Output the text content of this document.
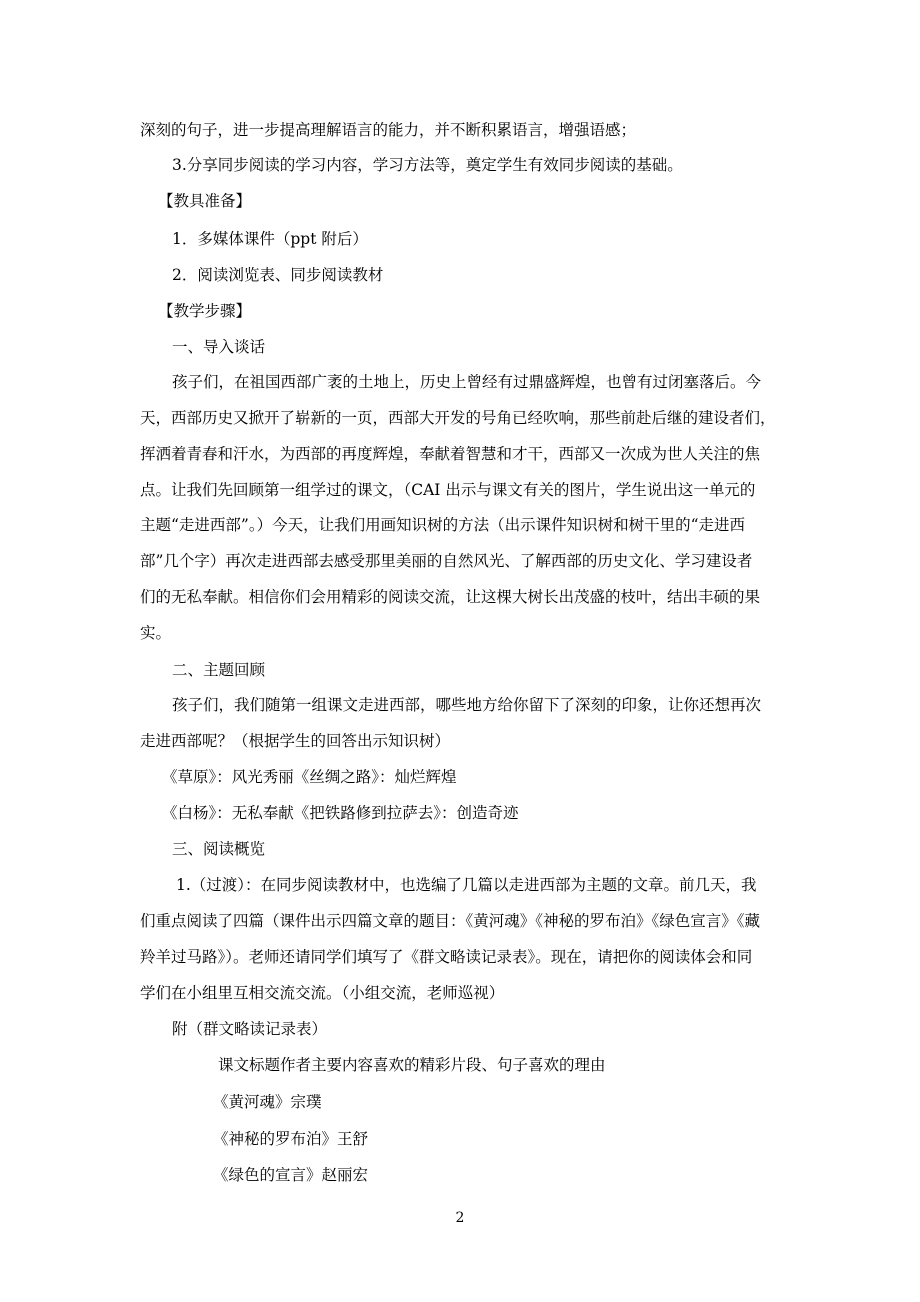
深刻的句子，进一步提高理解语言的能力，并不断积累语言，增强语感；
3.分享同步阅读的学习内容，学习方法等，奠定学生有效同步阅读的基础。
【教具准备】
1．多媒体课件（ppt 附后）
2．阅读浏览表、同步阅读教材
【教学步骤】
一、导入谈话
孩子们，在祖国西部广袤的土地上，历史上曾经有过鼎盛辉煌，也曾有过闭塞落后。今
天，西部历史又掀开了崭新的一页，西部大开发的号角已经吹响，那些前赴后继的建设者们，
挥洒着青春和汗水，为西部的再度辉煌，奉献着智慧和才干，西部又一次成为世人关注的焦
点。让我们先回顾第一组学过的课文，（CAI 出示与课文有关的图片，学生说出这一单元的
主题“走进西部”。）今天，让我们用画知识树的方法（出示课件知识树和树干里的“走进西
部”几个字）再次走进西部去感受那里美丽的自然风光、了解西部的历史文化、学习建设者
们的无私奉献。相信你们会用精彩的阅读交流，让这棵大树长出茂盛的枝叶，结出丰硕的果
实。
二、主题回顾
孩子们，我们随第一组课文走进西部，哪些地方给你留下了深刻的印象，让你还想再次
走进西部呢？（根据学生的回答出示知识树）
《草原》：风光秀丽《丝绸之路》：灿烂辉煌
《白杨》：无私奉献《把铁路修到拉萨去》：创造奇迹
三、阅读概览
1.（过渡）：在同步阅读教材中，也选编了几篇以走进西部为主题的文章。前几天，我
们重点阅读了四篇（课件出示四篇文章的题目：《黄河魂》《神秘的罗布泊》《绿色宣言》《藏
羚羊过马路》）。老师还请同学们填写了《群文略读记录表》。现在，请把你的阅读体会和同
学们在小组里互相交流交流。（小组交流，老师巡视）
附（群文略读记录表）
课文标题作者主要内容喜欢的精彩片段、句子喜欢的理由
《黄河魂》宗璞
《神秘的罗布泊》王舒
《绿色的宣言》赵丽宏
2
